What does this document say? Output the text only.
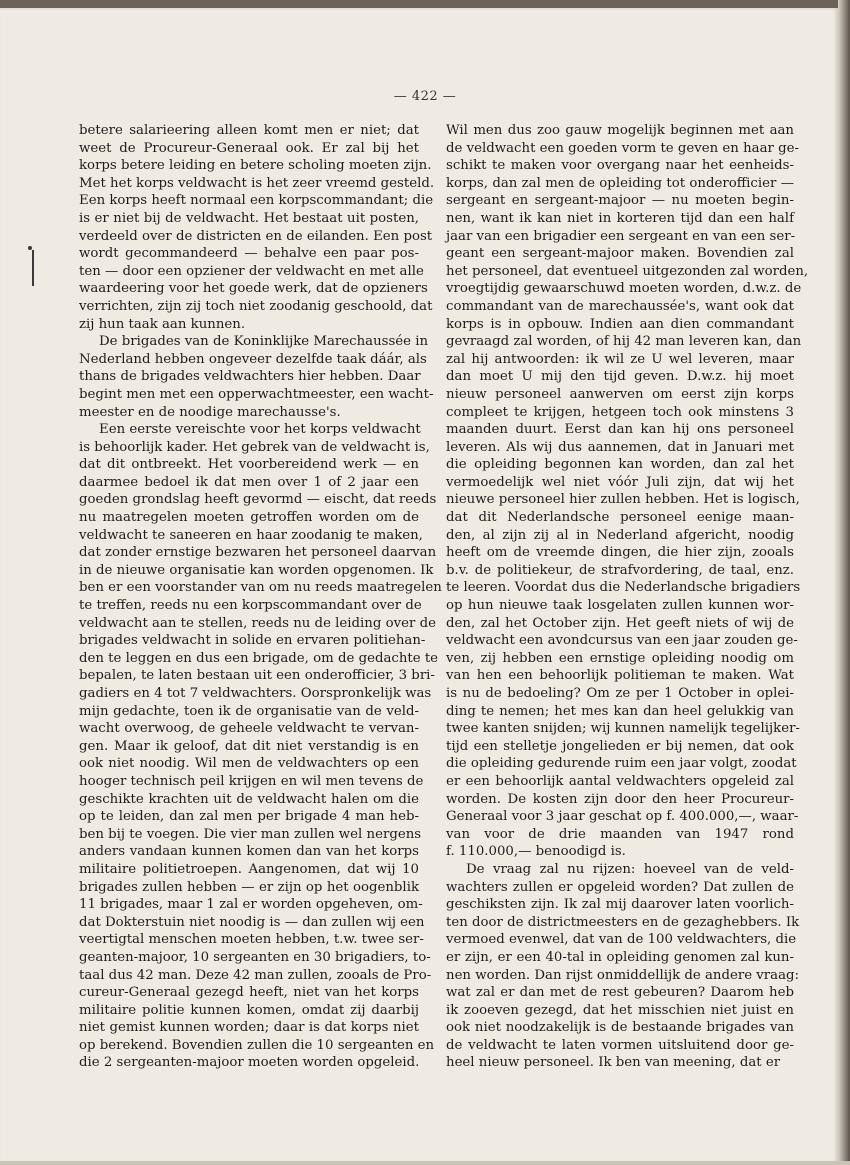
— 422 —
betere salarieering alleen komt men er niet; dat
weet de Procureur-Generaal ook. Er zal bij het
korps betere leiding en betere scholing moeten zijn.
Met het korps veldwacht is het zeer vreemd gesteld.
Een korps heeft normaal een korpscommandant; die
is er niet bij de veldwacht. Het bestaat uit posten,
verdeeld over de districten en de eilanden. Een post
wordt gecommandeerd — behalve een paar pos-
ten — door een opziener der veldwacht en met alle
waardeering voor het goede werk, dat de opzieners
verrichten, zijn zij toch niet zoodanig geschoold, dat
zij hun taak aan kunnen.
De brigades van de Koninklijke Marechaussée in
Nederland hebben ongeveer dezelfde taak dáár, als
thans de brigades veldwachters hier hebben. Daar
begint men met een opperwachtmeester, een wacht-
meester en de noodige marechausse's.
Een eerste vereischte voor het korps veldwacht
is behoorlijk kader. Het gebrek van de veldwacht is,
dat dit ontbreekt. Het voorbereidend werk — en
daarmee bedoel ik dat men over 1 of 2 jaar een
goeden grondslag heeft gevormd — eischt, dat reeds
nu maatregelen moeten getroffen worden om de
veldwacht te saneeren en haar zoodanig te maken,
dat zonder ernstige bezwaren het personeel daarvan
in de nieuwe organisatie kan worden opgenomen. Ik
ben er een voorstander van om nu reeds maatregelen
te treffen, reeds nu een korpscommandant over de
veldwacht aan te stellen, reeds nu de leiding over de
brigades veldwacht in solide en ervaren politiehan-
den te leggen en dus een brigade, om de gedachte te
bepalen, te laten bestaan uit een onderofficier, 3 bri-
gadiers en 4 tot 7 veldwachters. Oorspronkelijk was
mijn gedachte, toen ik de organisatie van de veld-
wacht overwoog, de geheele veldwacht te vervan-
gen. Maar ik geloof, dat dit niet verstandig is en
ook niet noodig. Wil men de veldwachters op een
hooger technisch peil krijgen en wil men tevens de
geschikte krachten uit de veldwacht halen om die
op te leiden, dan zal men per brigade 4 man heb-
ben bij te voegen. Die vier man zullen wel nergens
anders vandaan kunnen komen dan van het korps
militaire politietroepen. Aangenomen, dat wij 10
brigades zullen hebben — er zijn op het oogenblik
11 brigades, maar 1 zal er worden opgeheven, om-
dat Dokterstuin niet noodig is — dan zullen wij een
veertigtal menschen moeten hebben, t.w. twee ser-
geanten-majoor, 10 sergeanten en 30 brigadiers, to-
taal dus 42 man. Deze 42 man zullen, zooals de Pro-
cureur-Generaal gezegd heeft, niet van het korps
militaire politie kunnen komen, omdat zij daarbij
niet gemist kunnen worden; daar is dat korps niet
op berekend. Bovendien zullen die 10 sergeanten en
die 2 sergeanten-majoor moeten worden opgeleid.
Wil men dus zoo gauw mogelijk beginnen met aan
de veldwacht een goeden vorm te geven en haar ge-
schikt te maken voor overgang naar het eenheids-
korps, dan zal men de opleiding tot onderofficier —
sergeant en sergeant-majoor — nu moeten begin-
nen, want ik kan niet in korteren tijd dan een half
jaar van een brigadier een sergeant en van een ser-
geant een sergeant-majoor maken. Bovendien zal
het personeel, dat eventueel uitgezonden zal worden,
vroegtijdig gewaarschuwd moeten worden, d.w.z. de
commandant van de marechaussée's, want ook dat
korps is in opbouw. Indien aan dien commandant
gevraagd zal worden, of hij 42 man leveren kan, dan
zal hij antwoorden: ik wil ze U wel leveren, maar
dan moet U mij den tijd geven. D.w.z. hij moet
nieuw personeel aanwerven om eerst zijn korps
compleet te krijgen, hetgeen toch ook minstens 3
maanden duurt. Eerst dan kan hij ons personeel
leveren. Als wij dus aannemen, dat in Januari met
die opleiding begonnen kan worden, dan zal het
vermoedelijk wel niet vóór Juli zijn, dat wij het
nieuwe personeel hier zullen hebben. Het is logisch,
dat dit Nederlandsche personeel eenige maan-
den, al zijn zij al in Nederland afgericht, noodig
heeft om de vreemde dingen, die hier zijn, zooals
b.v. de politiekeur, de strafvordering, de taal, enz.
te leeren. Voordat dus die Nederlandsche brigadiers
op hun nieuwe taak losgelaten zullen kunnen wor-
den, zal het October zijn. Het geeft niets of wij de
veldwacht een avondcursus van een jaar zouden ge-
ven, zij hebben een ernstige opleiding noodig om
van hen een behoorlijk politieman te maken. Wat
is nu de bedoeling? Om ze per 1 October in oplei-
ding te nemen; het mes kan dan heel gelukkig van
twee kanten snijden; wij kunnen namelijk tegelijker-
tijd een stelletje jongelieden er bij nemen, dat ook
die opleiding gedurende ruim een jaar volgt, zoodat
er een behoorlijk aantal veldwachters opgeleid zal
worden. De kosten zijn door den heer Procureur-
Generaal voor 3 jaar geschat op f. 400.000,—, waar-
van voor de drie maanden van 1947 rond
f. 110.000,— benoodigd is.
De vraag zal nu rijzen: hoeveel van de veld-
wachters zullen er opgeleid worden? Dat zullen de
geschiksten zijn. Ik zal mij daarover laten voorlich-
ten door de districtmeesters en de gezaghebbers. Ik
vermoed evenwel, dat van de 100 veldwachters, die
er zijn, er een 40-tal in opleiding genomen zal kun-
nen worden. Dan rijst onmiddellijk de andere vraag:
wat zal er dan met de rest gebeuren? Daarom heb
ik zooeven gezegd, dat het misschien niet juist en
ook niet noodzakelijk is de bestaande brigades van
de veldwacht te laten vormen uitsluitend door ge-
heel nieuw personeel. Ik ben van meening, dat er
